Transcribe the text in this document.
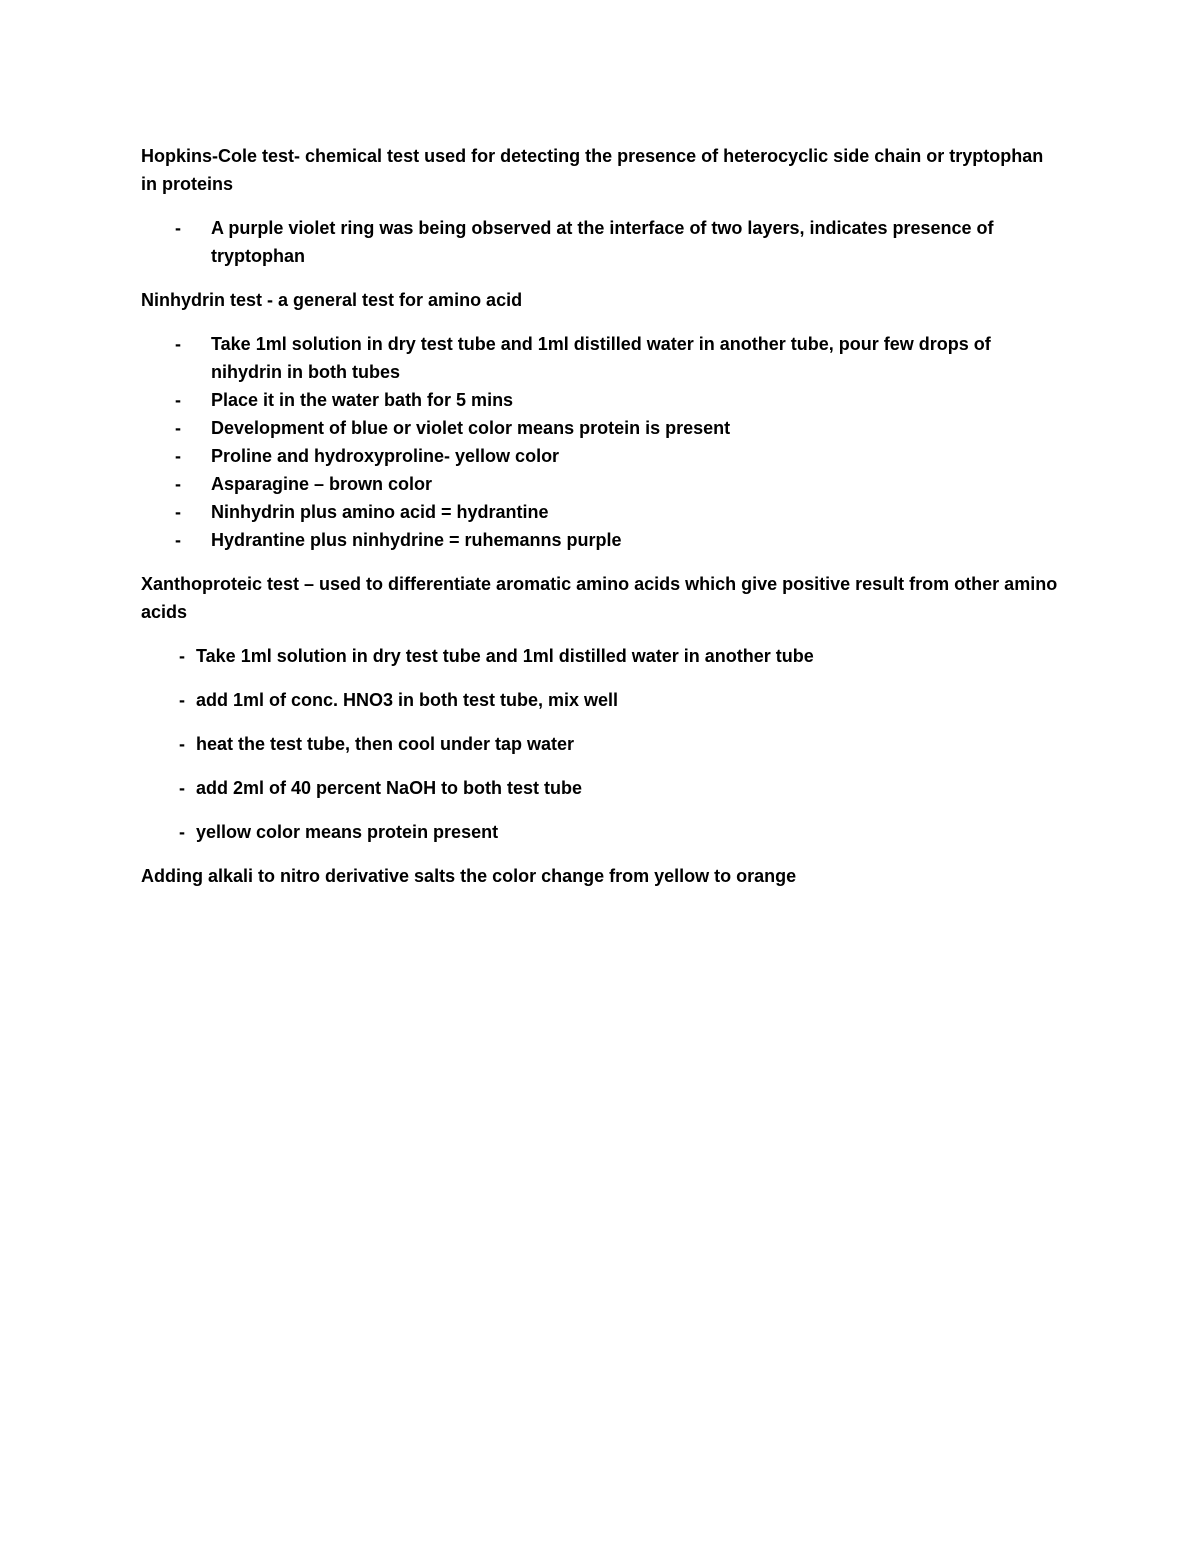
Hopkins-Cole test- chemical test used for detecting the presence of heterocyclic side chain or tryptophan in proteins

- A purple violet ring was being observed at the interface of two layers, indicates presence of tryptophan

Ninhydrin test - a general test for amino acid

- Take 1ml solution in dry test tube and 1ml distilled water in another tube, pour few drops of nihydrin in both tubes
- Place it in the water bath for 5 mins
- Development of blue or violet color means protein is present
- Proline and hydroxyproline- yellow color
- Asparagine – brown color
- Ninhydrin plus amino acid = hydrantine
- Hydrantine plus ninhydrine = ruhemanns purple

Xanthoproteic test – used to differentiate aromatic amino acids which give positive result from other amino acids

- Take 1ml solution in dry test tube and 1ml distilled water in another tube
- add 1ml of conc. HNO3 in both test tube, mix well
- heat the test tube, then cool under tap water
- add 2ml of 40 percent NaOH to both test tube
- yellow color means protein present

Adding alkali to nitro derivative salts the color change from yellow to orange
